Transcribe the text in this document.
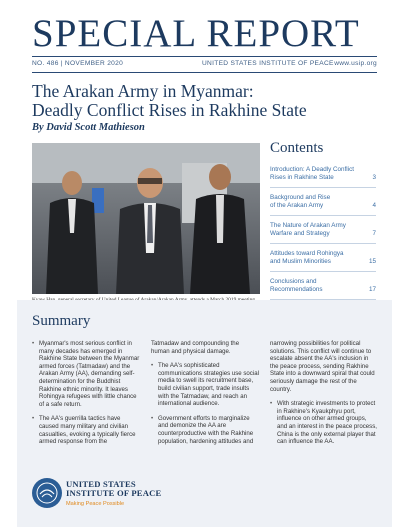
SPECIAL REPORT
NO. 486 | NOVEMBER 2020	UNITED STATES INSTITUTE OF PEACE www.usip.org
The Arakan Army in Myanmar:
Deadly Conflict Rises in Rakhine State
By David Scott Mathieson
Contents
Introduction: A Deadly Conflict
Rises in Rakhine State	3
Background and Rise
of the Arakan Army	4
The Nature of Arakan Army
Warfare and Strategy	7
Attitudes toward Rohingya
and Muslim Minorities	15
Conclusions and
Recommendations	17
Summary

• Myanmar's most serious conflict in many decades has emerged in Rakhine State between the Myanmar armed forces (Tatmadaw) and the Arakan Army (AA), demanding self-determination for the Buddhist Rakhine ethnic minority. It leaves Rohingya refugees with little chance of a safe return.

• The AA's guerrilla tactics have caused many military and civilian casualties, evoking a typically fierce armed response from the

Tatmadaw and compounding the human and physical damage.

• The AA's sophisticated communications strategies use social media to swell its recruitment base, build civilian support, trade insults with the Tatmadaw, and reach an international audience.

• Government efforts to marginalize and demonize the AA are counterproductive with the Rakhine population, hardening attitudes and

narrowing possibilities for political solutions. This conflict will continue to escalate absent the AA's inclusion in the peace process, sending Rakhine State into a downward spiral that could seriously damage the rest of the country.

• With strategic investments to protect in Rakhine's Kyaukphyu port, influence on other armed groups, and an interest in the peace process, China is the only external player that can influence the AA.

UNITED STATES
INSTITUTE OF PEACE
Making Peace Possible
